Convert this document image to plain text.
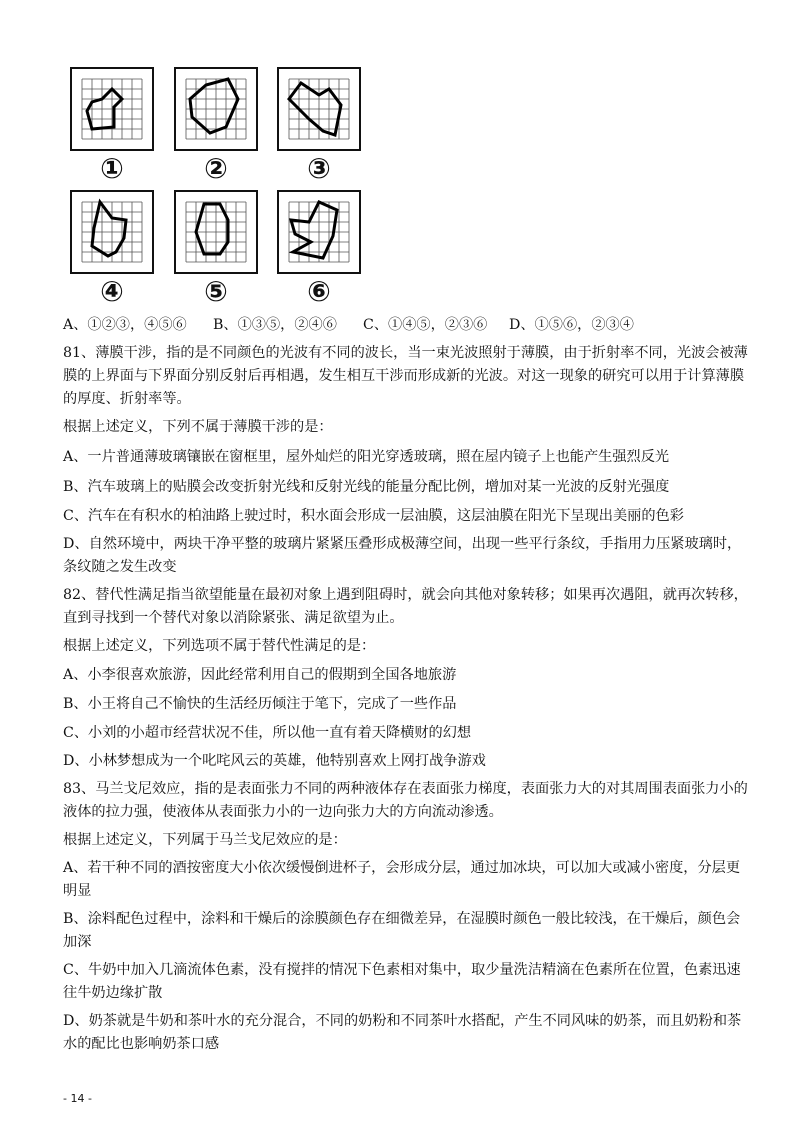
①	②	③
④	⑤	⑥
A、①②③，④⑤⑥ B、①③⑤，②④⑥ C、①④⑤，②③⑥ D、①⑤⑥，②③④
81、薄膜干涉，指的是不同颜色的光波有不同的波长，当一束光波照射于薄膜，由于折射率不同，光波会被薄
膜的上界面与下界面分别反射后再相遇，发生相互干涉而形成新的光波。对这一现象的研究可以用于计算薄膜
的厚度、折射率等。
根据上述定义，下列不属于薄膜干涉的是：
A、一片普通薄玻璃镶嵌在窗框里，屋外灿烂的阳光穿透玻璃，照在屋内镜子上也能产生强烈反光
B、汽车玻璃上的贴膜会改变折射光线和反射光线的能量分配比例，增加对某一光波的反射光强度
C、汽车在有积水的柏油路上驶过时，积水面会形成一层油膜，这层油膜在阳光下呈现出美丽的色彩
D、自然环境中，两块干净平整的玻璃片紧紧压叠形成极薄空间，出现一些平行条纹，手指用力压紧玻璃时，
条纹随之发生改变
82、替代性满足指当欲望能量在最初对象上遇到阻碍时，就会向其他对象转移；如果再次遇阻，就再次转移，
直到寻找到一个替代对象以消除紧张、满足欲望为止。
根据上述定义，下列选项不属于替代性满足的是：
A、小李很喜欢旅游，因此经常利用自己的假期到全国各地旅游
B、小王将自己不愉快的生活经历倾注于笔下，完成了一些作品
C、小刘的小超市经营状况不佳，所以他一直有着天降横财的幻想
D、小林梦想成为一个叱咤风云的英雄，他特别喜欢上网打战争游戏
83、马兰戈尼效应，指的是表面张力不同的两种液体存在表面张力梯度，表面张力大的对其周围表面张力小的
液体的拉力强，使液体从表面张力小的一边向张力大的方向流动渗透。
根据上述定义，下列属于马兰戈尼效应的是：
A、若干种不同的酒按密度大小依次缓慢倒进杯子，会形成分层，通过加冰块，可以加大或减小密度，分层更
明显
B、涂料配色过程中，涂料和干燥后的涂膜颜色存在细微差异，在湿膜时颜色一般比较浅，在干燥后，颜色会
加深
C、牛奶中加入几滴流体色素，没有搅拌的情况下色素相对集中，取少量洗洁精滴在色素所在位置，色素迅速
往牛奶边缘扩散
D、奶茶就是牛奶和茶叶水的充分混合，不同的奶粉和不同茶叶水搭配，产生不同风味的奶茶，而且奶粉和茶
水的配比也影响奶茶口感
- 14 -
